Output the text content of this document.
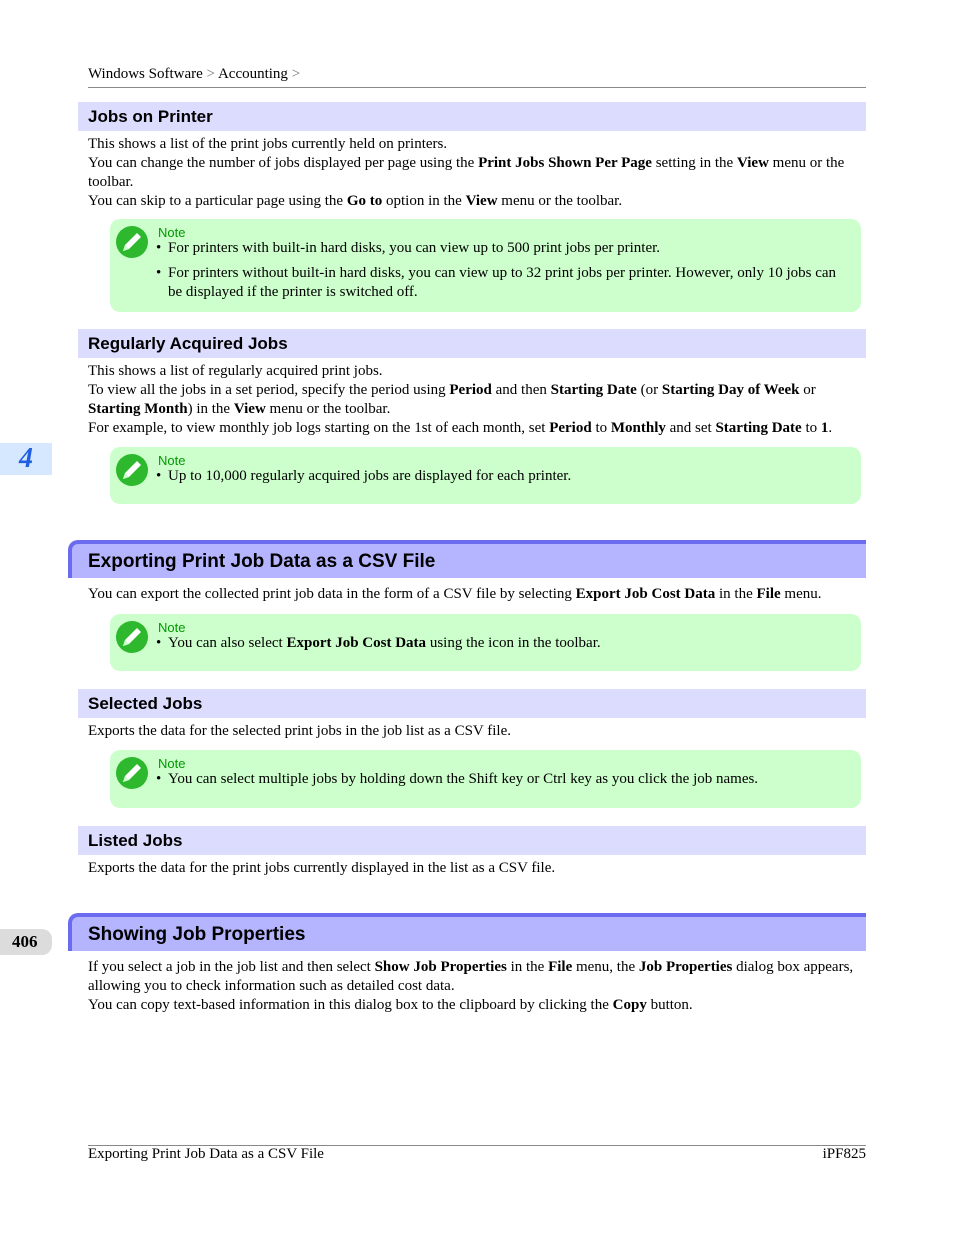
Windows Software > Accounting >
Jobs on Printer

This shows a list of the print jobs currently held on printers.

You can change the number of jobs displayed per page using the Print Jobs Shown Per Page setting in the View menu or the toolbar.

You can skip to a particular page using the Go to option in the View menu or the toolbar.

Note
• For printers with built-in hard disks, you can view up to 500 print jobs per printer.
• For printers without built-in hard disks, you can view up to 32 print jobs per printer. However, only 10 jobs can be displayed if the printer is switched off.
Regularly Acquired Jobs

This shows a list of regularly acquired print jobs.

To view all the jobs in a set period, specify the period using Period and then Starting Date (or Starting Day of Week or Starting Month) in the View menu or the toolbar.

For example, to view monthly job logs starting on the 1st of each month, set Period to Monthly and set Starting Date to 1.

Note
• Up to 10,000 regularly acquired jobs are displayed for each printer.
4
Exporting Print Job Data as a CSV File

You can export the collected print job data in the form of a CSV file by selecting Export Job Cost Data in the File menu.

Note
• You can also select Export Job Cost Data using the icon in the toolbar.
Selected Jobs

Exports the data for the selected print jobs in the job list as a CSV file.

Note
• You can select multiple jobs by holding down the Shift key or Ctrl key as you click the job names.
Listed Jobs

Exports the data for the print jobs currently displayed in the list as a CSV file.

406	Showing Job Properties

If you select a job in the job list and then select Show Job Properties in the File menu, the Job Properties dialog box appears, allowing you to check information such as detailed cost data.

You can copy text-based information in this dialog box to the clipboard by clicking the Copy button.

Exporting Print Job Data as a CSV File	iPF825
